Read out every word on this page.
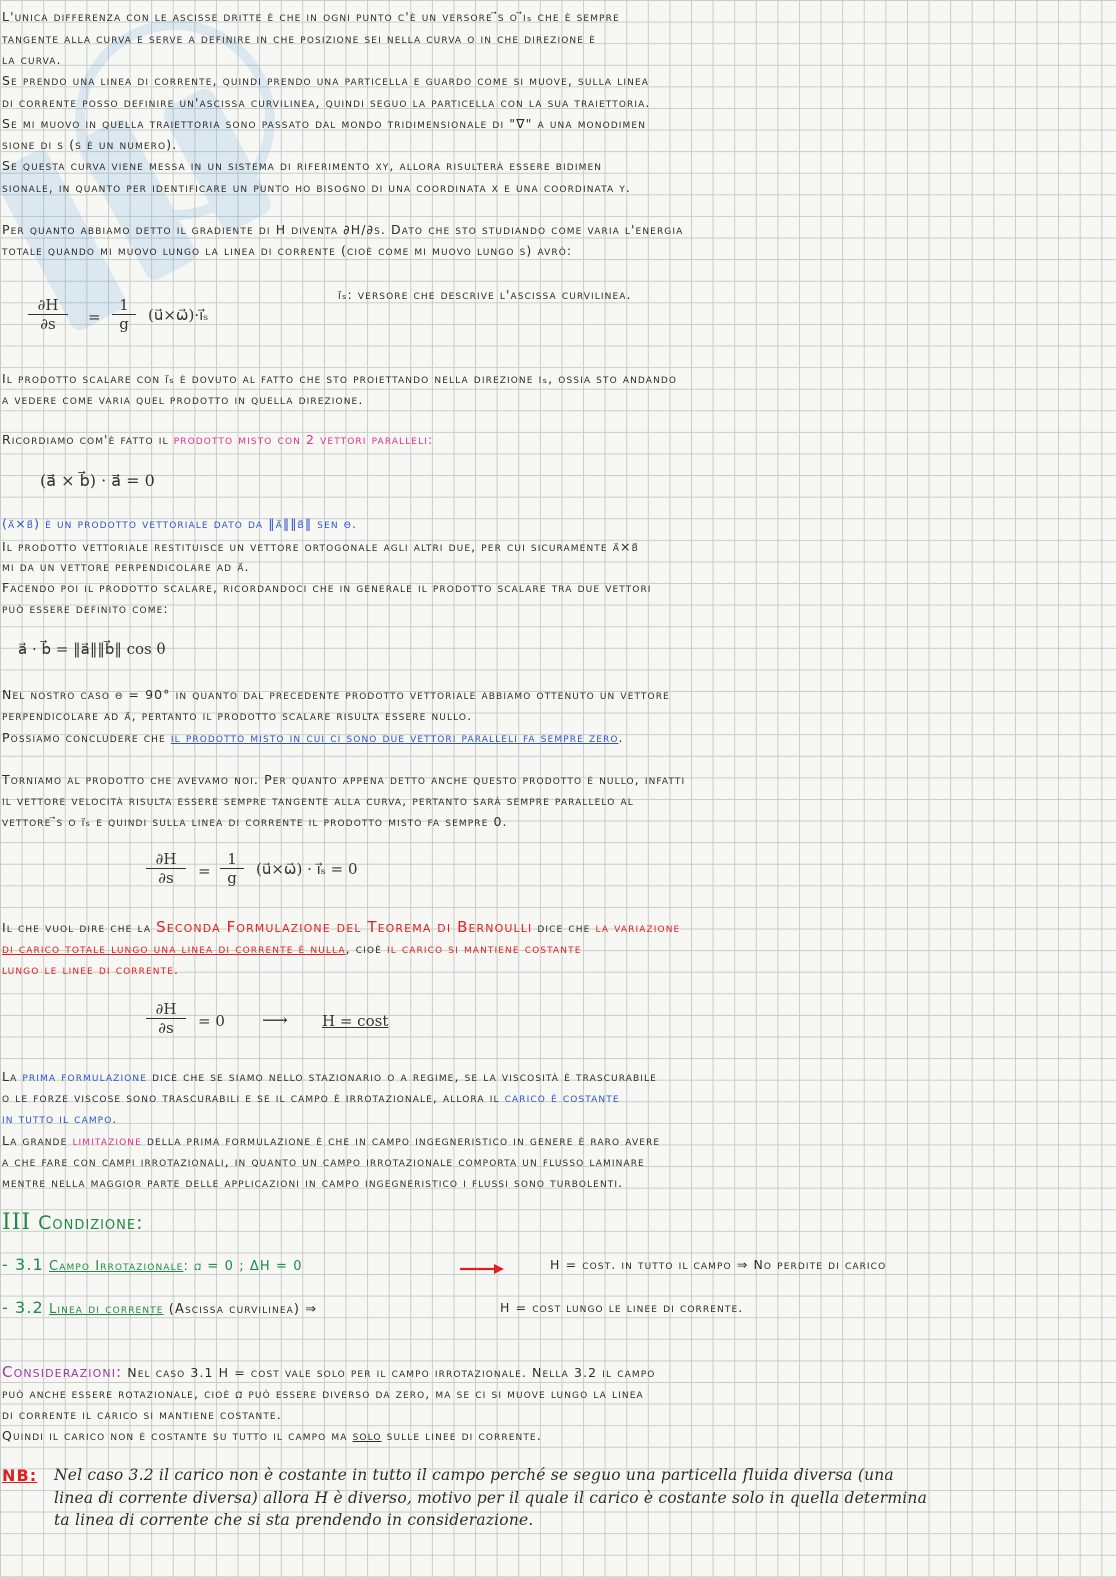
L'unica differenza con le ascisse dritte è che in ogni punto c'è un versore ⃗s o ⃗iₛ che è sempre
tangente alla curva e serve a definire in che posizione sei nella curva o in che direzione è
la curva.
Se prendo una linea di corrente, quindi prendo una particella e guardo come si muove, sulla linea
di corrente posso definire un'ascissa curvilinea, quindi seguo la particella con la sua traiettoria.
Se mi muovo in quella traiettoria sono passato dal mondo tridimensionale di "∇" a una monodimen
sione di s (s è un numero).
Se questa curva viene messa in un sistema di riferimento xy, allora risulterà essere bidimen
sionale, in quanto per identificare un punto ho bisogno di una coordinata x e una coordinata y.
Per quanto abbiamo detto il gradiente di H diventa ∂H/∂s. Dato che sto studiando come varia l'energia
totale quando mi muovo lungo la linea di corrente (cioè come mi muovo lungo s) avrò:
$\frac{\partial H}{\partial s} = \frac{1}{g}$ (u⃗×ω⃗)·i⃗ₛ
i⃗ₛ: versore che descrive l'ascissa curvilinea.
Il prodotto scalare con i⃗ₛ è dovuto al fatto che sto proiettando nella direzione iₛ, ossia sto andando
a vedere come varia quel prodotto in quella direzione.
Ricordiamo com'è fatto il prodotto misto con 2 vettori paralleli:
(a⃗ × b⃗) · a⃗ = 0
(a⃗×b⃗) è un prodotto vettoriale dato da ‖a⃗‖‖b⃗‖ sen θ.
Il prodotto vettoriale restituisce un vettore ortogonale agli altri due, per cui sicuramente a⃗×b⃗
mi da un vettore perpendicolare ad a⃗.
Facendo poi il prodotto scalare, ricordandoci che in generale il prodotto scalare tra due vettori
può essere definito come:
a⃗ · b⃗ = ‖a⃗‖‖b⃗‖ cos θ
Nel nostro caso θ = 90° in quanto dal precedente prodotto vettoriale abbiamo ottenuto un vettore
perpendicolare ad a⃗, pertanto il prodotto scalare risulta essere nullo.
Possiamo concludere che il prodotto misto in cui ci sono due vettori paralleli fa sempre zero.
Torniamo al prodotto che avevamo noi. Per quanto appena detto anche questo prodotto è nullo, infatti
il vettore velocità risulta essere sempre tangente alla curva, pertanto sarà sempre parallelo al
vettore ⃗s o i⃗ₛ e quindi sulla linea di corrente il prodotto misto fa sempre 0.
$\frac{\partial H}{\partial s} = \frac{1}{g}$ (u⃗×ω⃗) · i⃗ₛ = 0
Il che vuol dire che la Seconda Formulazione del Teorema di Bernoulli dice che la variazione
di carico totale lungo una linea di corrente è nulla, cioè il carico si mantiene costante
lungo le linee di corrente.
$\frac{\partial H}{\partial s} = 0$ ⟶ H = cost
La prima formulazione dice che se siamo nello stazionario o a regime, se la viscosità è trascurabile
o le forze viscose sono trascurabili e se il campo è irrotazionale, allora il carico è costante
in tutto il campo.
La grande limitazione della prima formulazione è che in campo ingegneristico in genere è raro avere
a che fare con campi irrotazionali, in quanto un campo irrotazionale comporta un flusso laminare
mentre nella maggior parte delle applicazioni in campo ingegneristico i flussi sono turbolenti.
III Condizione:
- 3.1 Campo Irrotazionale: ω⃗ = 0 ; ΔH = 0	H = cost. in tutto il campo ⇒ No perdite di carico
- 3.2 Linea di corrente (Ascissa curvilinea) ⇒	H = cost lungo le linee di corrente.
Considerazioni: Nel caso 3.1 H = cost vale solo per il campo irrotazionale. Nella 3.2 il campo
può anche essere rotazionale, cioè ω⃗ può essere diverso da zero, ma se ci si muove lungo la linea
di corrente il carico si mantiene costante.
Quindi il carico non è costante su tutto il campo ma solo sulle linee di corrente.
NB: Nel caso 3.2 il carico non è costante in tutto il campo perché se seguo una particella fluida diversa (una
linea di corrente diversa) allora H è diverso, motivo per il quale il carico è costante solo in quella determina
ta linea di corrente che si sta prendendo in considerazione.
